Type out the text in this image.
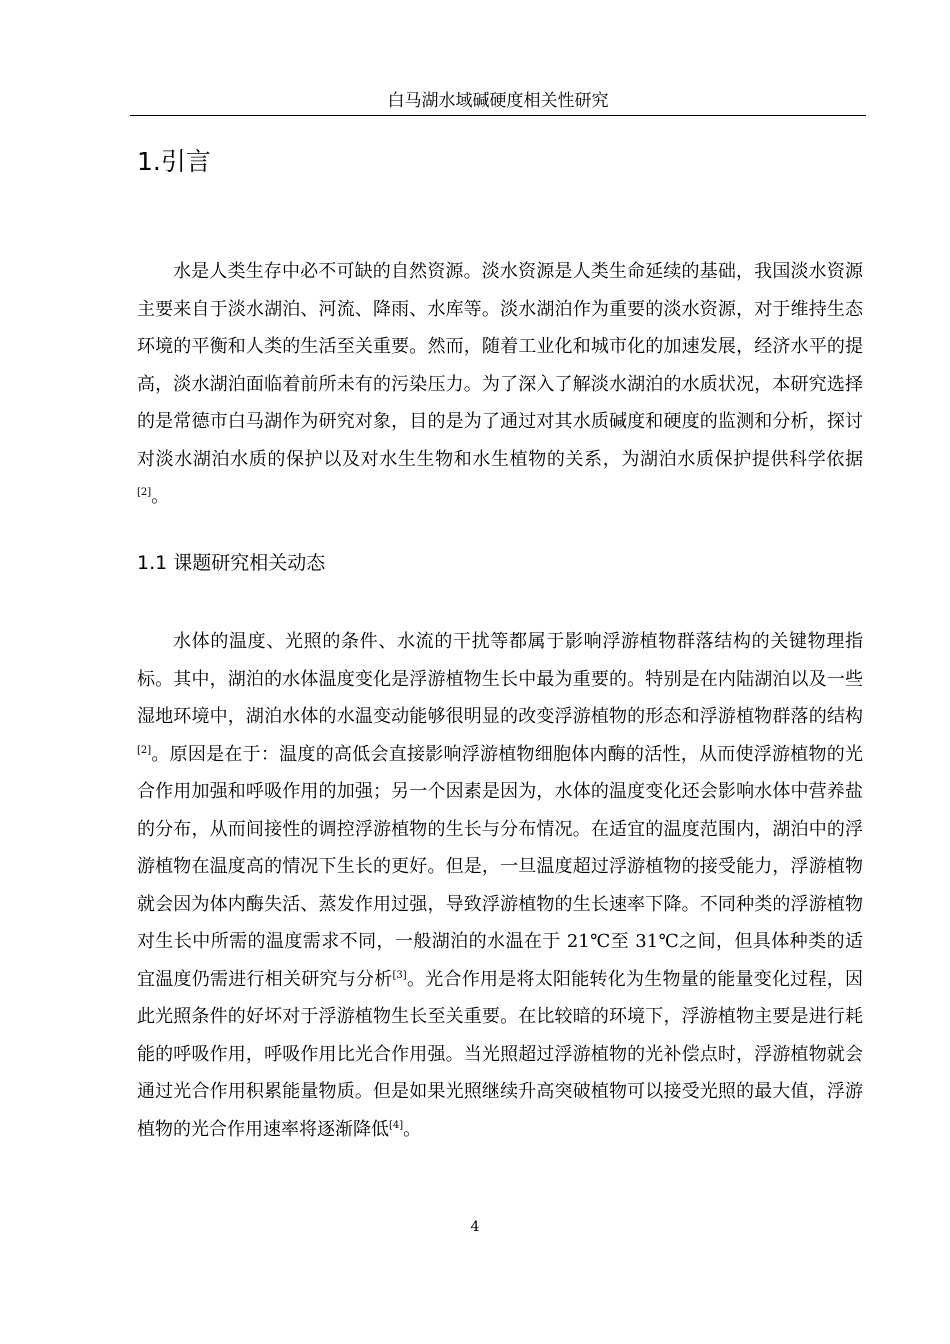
白马湖水域碱硬度相关性研究
1.引言

水是人类生存中必不可缺的自然资源。淡水资源是人类生命延续的基础，我国淡水资源主要来自于淡水湖泊、河流、降雨、水库等。淡水湖泊作为重要的淡水资源，对于维持生态环境的平衡和人类的生活至关重要。然而，随着工业化和城市化的加速发展，经济水平的提高，淡水湖泊面临着前所未有的污染压力。为了深入了解淡水湖泊的水质状况，本研究选择的是常德市白马湖作为研究对象，目的是为了通过对其水质碱度和硬度的监测和分析，探讨对淡水湖泊水质的保护以及对水生生物和水生植物的关系，为湖泊水质保护提供科学依据[2]。

1.1 课题研究相关动态

水体的温度、光照的条件、水流的干扰等都属于影响浮游植物群落结构的关键物理指标。其中，湖泊的水体温度变化是浮游植物生长中最为重要的。特别是在内陆湖泊以及一些湿地环境中，湖泊水体的水温变动能够很明显的改变浮游植物的形态和浮游植物群落的结构[2]。原因是在于：温度的高低会直接影响浮游植物细胞体内酶的活性，从而使浮游植物的光合作用加强和呼吸作用的加强；另一个因素是因为，水体的温度变化还会影响水体中营养盐的分布，从而间接性的调控浮游植物的生长与分布情况。在适宜的温度范围内，湖泊中的浮游植物在温度高的情况下生长的更好。但是，一旦温度超过浮游植物的接受能力，浮游植物就会因为体内酶失活、蒸发作用过强，导致浮游植物的生长速率下降。不同种类的浮游植物对生长中所需的温度需求不同，一般湖泊的水温在于 21℃至 31℃之间，但具体种类的适宜温度仍需进行相关研究与分析[3]。光合作用是将太阳能转化为生物量的能量变化过程，因此光照条件的好坏对于浮游植物生长至关重要。在比较暗的环境下，浮游植物主要是进行耗能的呼吸作用，呼吸作用比光合作用强。当光照超过浮游植物的光补偿点时，浮游植物就会通过光合作用积累能量物质。但是如果光照继续升高突破植物可以接受光照的最大值，浮游植物的光合作用速率将逐渐降低[4]。

4
